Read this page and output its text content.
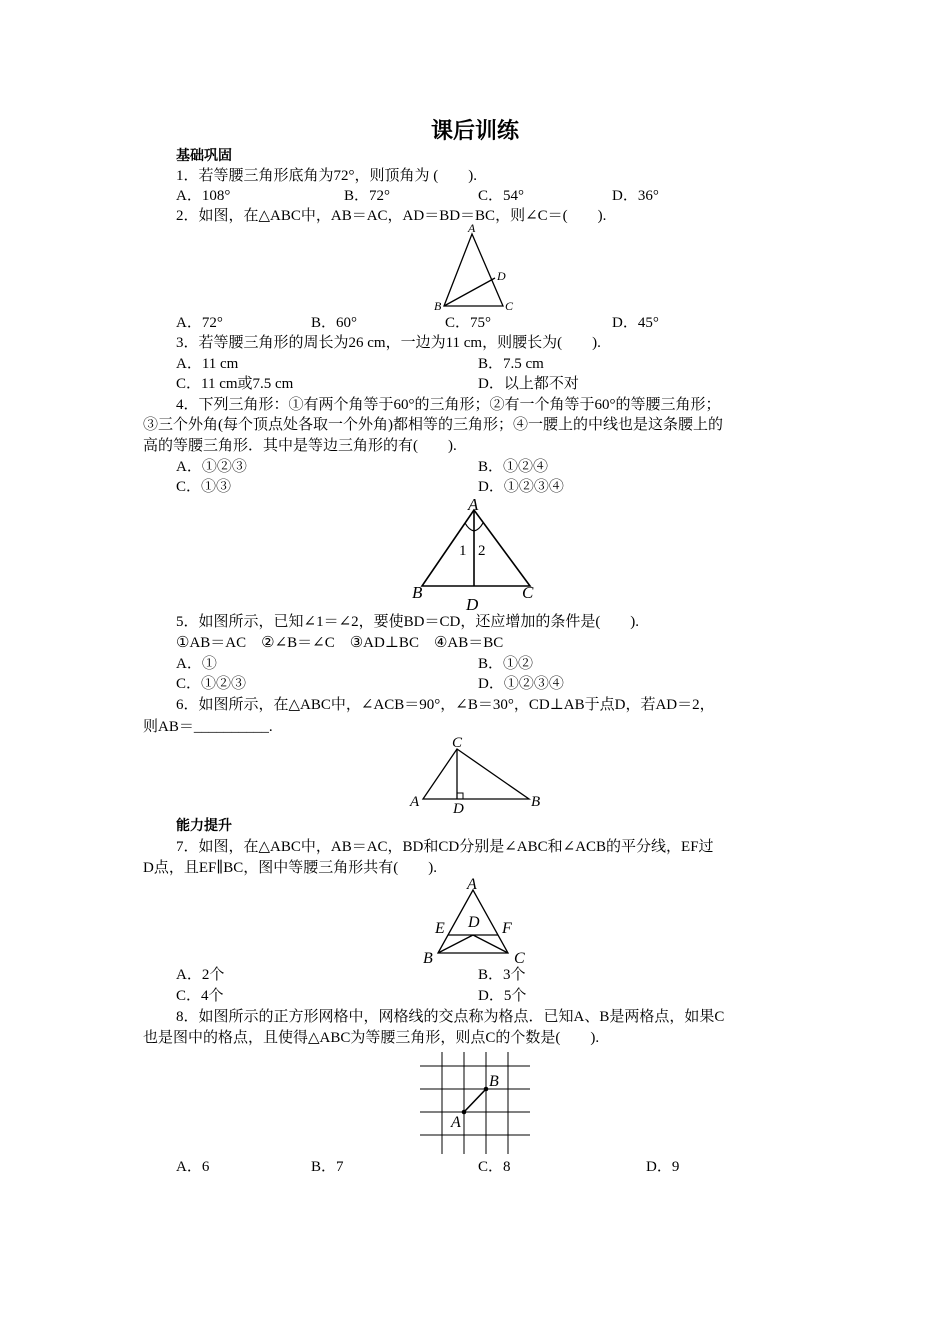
课后训练
基础巩固
1．若等腰三角形底角为72°，则顶角为 (　　).
A．108°	B．72°	C．54°	D．36°
2．如图，在△ABC中，AB＝AC，AD＝BD＝BC，则∠C＝(　　).
A
D
B	C
A．72°	B．60°	C．75°	D．45°
3．若等腰三角形的周长为26 cm，一边为11 cm，则腰长为(　　).
A．11 cm	B．7.5 cm
C．11 cm或7.5 cm	D．以上都不对
4．下列三角形：①有两个角等于60°的三角形；②有一个角等于60°的等腰三角形；
③三个外角(每个顶点处各取一个外角)都相等的三角形；④一腰上的中线也是这条腰上的
高的等腰三角形．其中是等边三角形的有(　　).
A．①②③	B．①②④
C．①③	D．①②③④
A
1 2
B
D
C
5．如图所示，已知∠1＝∠2，要使BD＝CD，还应增加的条件是(　　).
①AB＝AC　②∠B＝∠C　③AD⊥BC　④AB＝BC
A．①	B．①②
C．①②③	D．①②③④
6．如图所示，在△ABC中，∠ACB＝90°，∠B＝30°，CD⊥AB于点D，若AD＝2，
则AB＝__________.
C
A D	B
能力提升
7．如图，在△ABC中，AB＝AC，BD和CD分别是∠ABC和∠ACB的平分线，EF过
D点，且EF∥BC，图中等腰三角形共有(　　).
A
E D F
B	C
A．2个	B．3个
C．4个	D．5个
8．如图所示的正方形网格中，网格线的交点称为格点．已知A、B是两格点，如果C
也是图中的格点，且使得△ABC为等腰三角形，则点C的个数是(　　).
B
A
A．6	B．7	C．8	D．9
